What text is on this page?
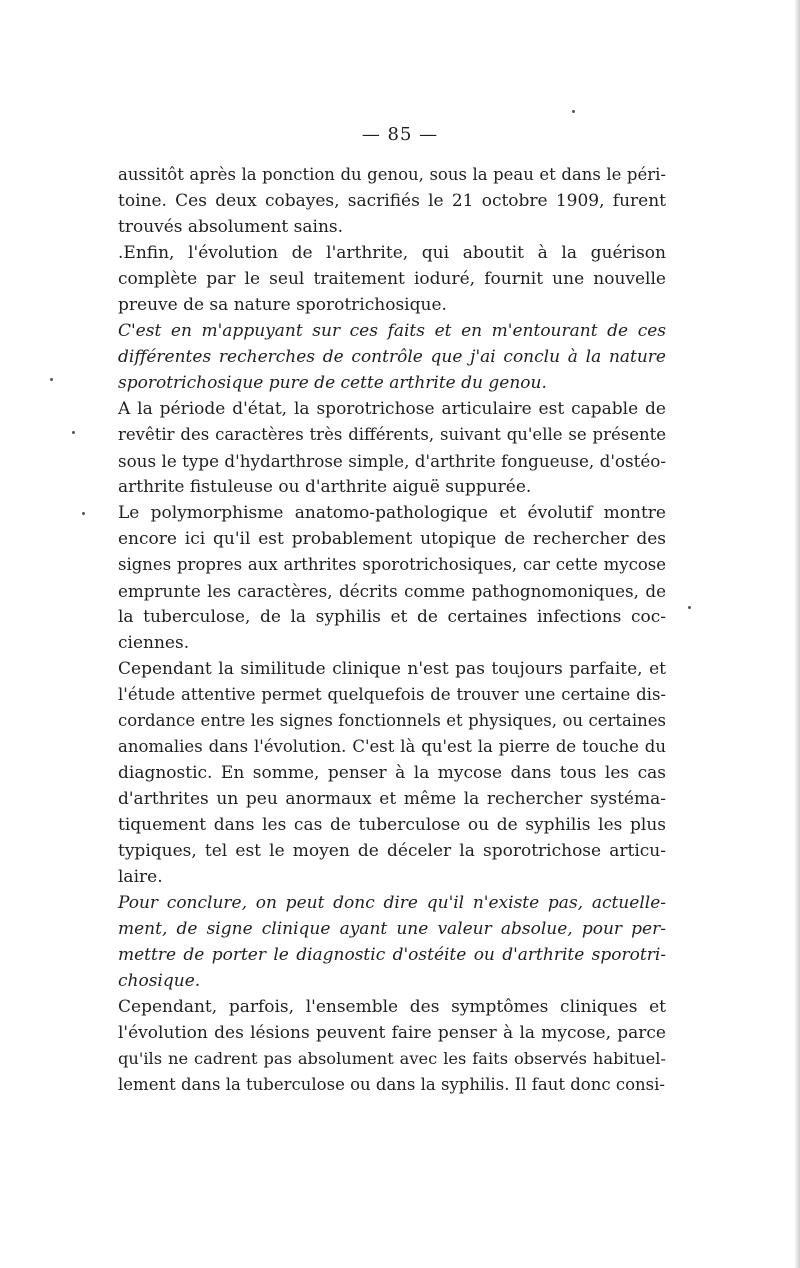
— 85 —

aussitôt après la ponction du genou, sous la peau et dans le péri-
toine. Ces deux cobayes, sacrifiés le 21 octobre 1909, furent
trouvés absolument sains.

.Enfin, l'évolution de l'arthrite, qui aboutit à la guérison
complète par le seul traitement ioduré, fournit une nouvelle
preuve de sa nature sporotrichosique.

C'est en m'appuyant sur ces faits et en m'entourant de ces
différentes recherches de contrôle que j'ai conclu à la nature
sporotrichosique pure de cette arthrite du genou.

A la période d'état, la sporotrichose articulaire est capable de
revêtir des caractères très différents, suivant qu'elle se présente
sous le type d'hydarthrose simple, d'arthrite fongueuse, d'ostéo-
arthrite fistuleuse ou d'arthrite aiguë suppurée.

Le polymorphisme anatomo-pathologique et évolutif montre
encore ici qu'il est probablement utopique de rechercher des
signes propres aux arthrites sporotrichosiques, car cette mycose
emprunte les caractères, décrits comme pathognomoniques, de
la tuberculose, de la syphilis et de certaines infections coc-
ciennes.

Cependant la similitude clinique n'est pas toujours parfaite, et
l'étude attentive permet quelquefois de trouver une certaine dis-
cordance entre les signes fonctionnels et physiques, ou certaines
anomalies dans l'évolution. C'est là qu'est la pierre de touche du
diagnostic. En somme, penser à la mycose dans tous les cas
d'arthrites un peu anormaux et même la rechercher systéma-
tiquement dans les cas de tuberculose ou de syphilis les plus
typiques, tel est le moyen de déceler la sporotrichose articu-
laire.

Pour conclure, on peut donc dire qu'il n'existe pas, actuelle-
ment, de signe clinique ayant une valeur absolue, pour per-
mettre de porter le diagnostic d'ostéite ou d'arthrite sporotri-
chosique.

Cependant, parfois, l'ensemble des symptômes cliniques et
l'évolution des lésions peuvent faire penser à la mycose, parce
qu'ils ne cadrent pas absolument avec les faits observés habituel-
lement dans la tuberculose ou dans la syphilis. Il faut donc consi-
